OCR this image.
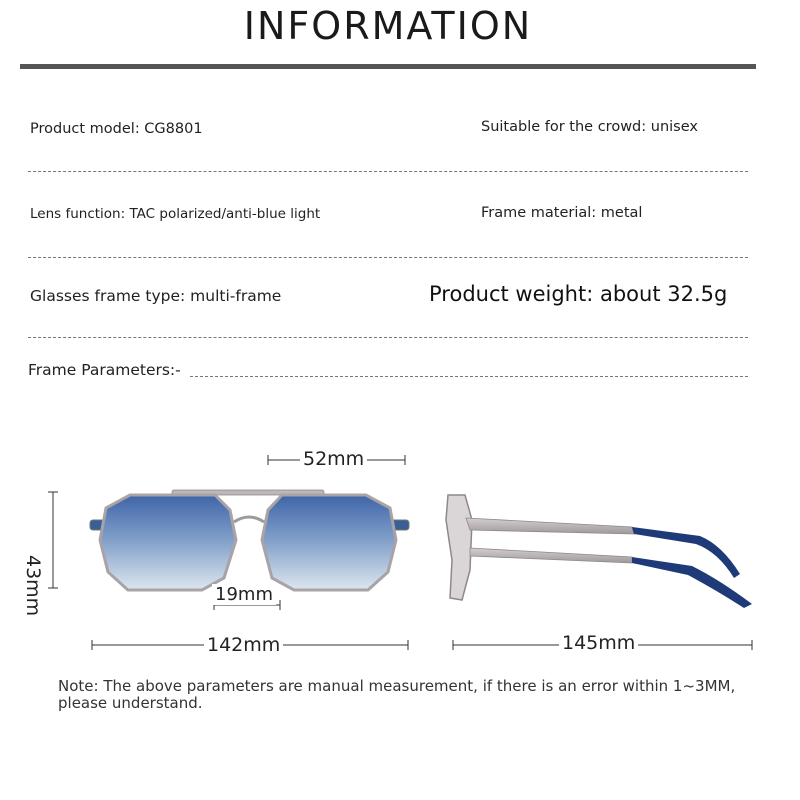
INFORMATION
Product model: CG8801	Suitable for the crowd: unisex
Lens function: TAC polarized/anti-blue light	Frame material: metal
Glasses frame type: multi-frame	Product weight: about 32.5g
Frame Parameters:-
52mm
43mm	19mm
142mm	145mm
Note: The above parameters are manual measurement, if there is an error within 1~3MM, please understand.
